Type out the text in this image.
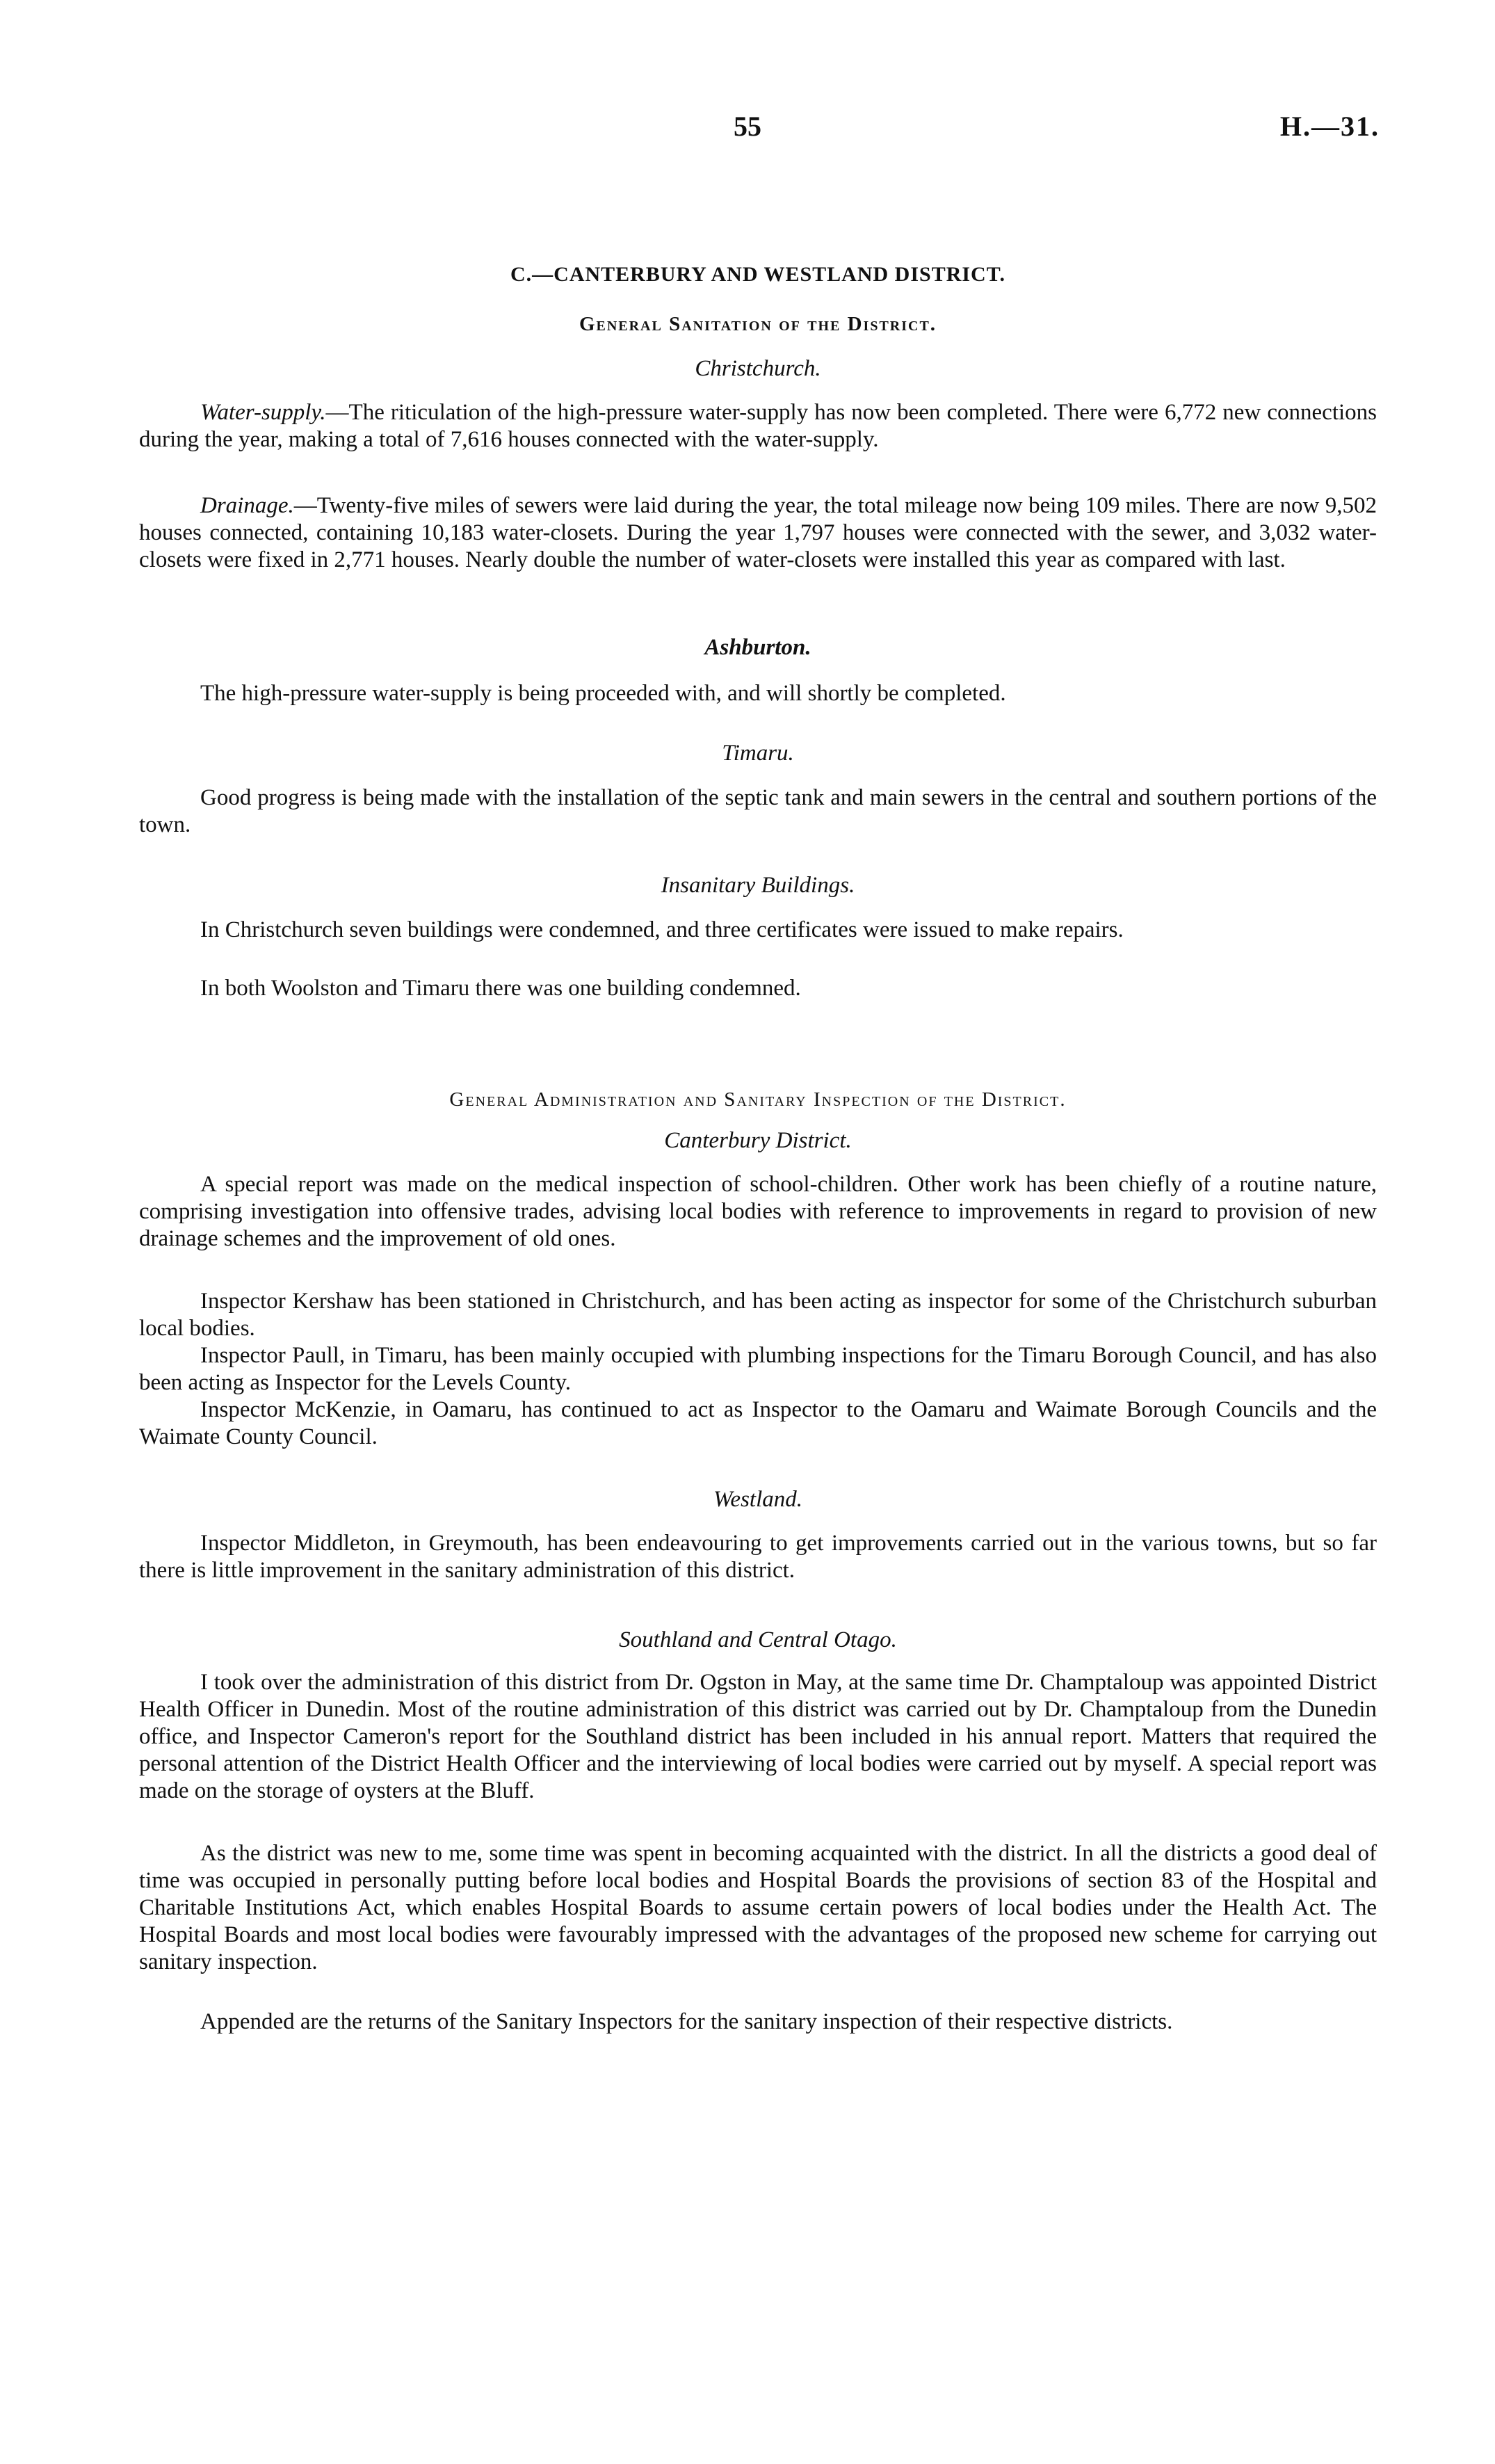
55	H.—31.
C.—CANTERBURY AND WESTLAND DISTRICT.
General Sanitation of the District.
Christchurch.

Water-supply.—The riticulation of the high-pressure water-supply has now been completed. There were 6,772 new connections during the year, making a total of 7,616 houses connected with the water-supply.

Drainage.—Twenty-five miles of sewers were laid during the year, the total mileage now being 109 miles. There are now 9,502 houses connected, containing 10,183 water-closets. During the year 1,797 houses were connected with the sewer, and 3,032 water-closets were fixed in 2,771 houses. Nearly double the number of water-closets were installed this year as compared with last.

Ashburton.

The high-pressure water-supply is being proceeded with, and will shortly be completed.

Timaru.

Good progress is being made with the installation of the septic tank and main sewers in the central and southern portions of the town.

Insanitary Buildings.

In Christchurch seven buildings were condemned, and three certificates were issued to make repairs.

In both Woolston and Timaru there was one building condemned.

General Administration and Sanitary Inspection of the District.
Canterbury District.

A special report was made on the medical inspection of school-children. Other work has been chiefly of a routine nature, comprising investigation into offensive trades, advising local bodies with reference to improvements in regard to provision of new drainage schemes and the improvement of old ones.

Inspector Kershaw has been stationed in Christchurch, and has been acting as inspector for some of the Christchurch suburban local bodies.

Inspector Paull, in Timaru, has been mainly occupied with plumbing inspections for the Timaru Borough Council, and has also been acting as Inspector for the Levels County.

Inspector McKenzie, in Oamaru, has continued to act as Inspector to the Oamaru and Waimate Borough Councils and the Waimate County Council.

Westland.

Inspector Middleton, in Greymouth, has been endeavouring to get improvements carried out in the various towns, but so far there is little improvement in the sanitary administration of this district.

Southland and Central Otago.

I took over the administration of this district from Dr. Ogston in May, at the same time Dr. Champtaloup was appointed District Health Officer in Dunedin. Most of the routine administration of this district was carried out by Dr. Champtaloup from the Dunedin office, and Inspector Cameron's report for the Southland district has been included in his annual report. Matters that required the personal attention of the District Health Officer and the interviewing of local bodies were carried out by myself. A special report was made on the storage of oysters at the Bluff.

As the district was new to me, some time was spent in becoming acquainted with the district. In all the districts a good deal of time was occupied in personally putting before local bodies and Hospital Boards the provisions of section 83 of the Hospital and Charitable Institutions Act, which enables Hospital Boards to assume certain powers of local bodies under the Health Act. The Hospital Boards and most local bodies were favourably impressed with the advantages of the proposed new scheme for carrying out sanitary inspection.

Appended are the returns of the Sanitary Inspectors for the sanitary inspection of their respective districts.
